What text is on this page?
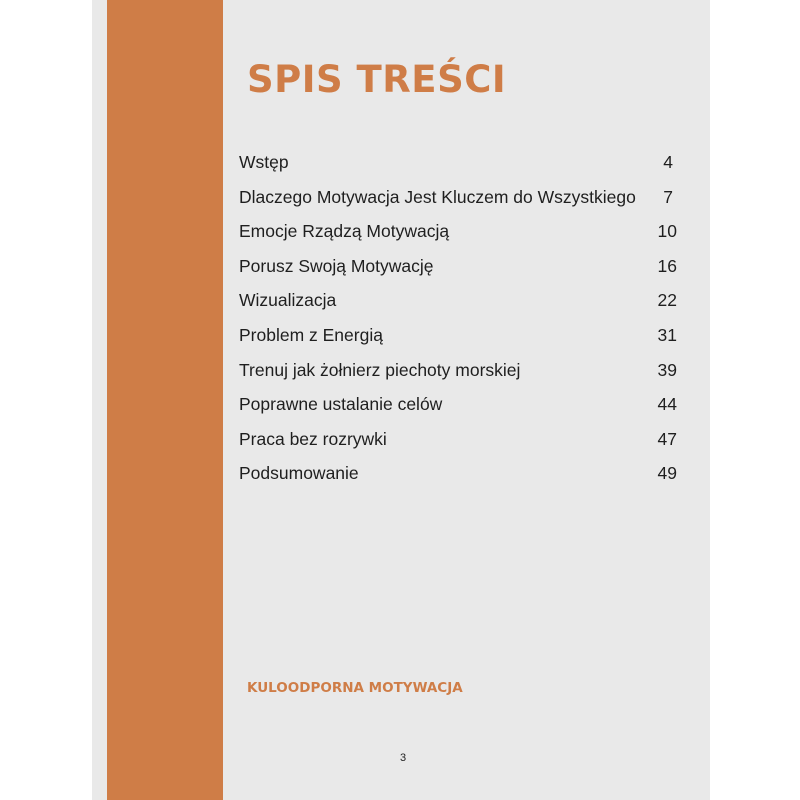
SPIS TREŚCI
Wstęp	4
Dlaczego Motywacja Jest Kluczem do Wszystkiego 7
Emocje Rządzą Motywacją	10
Porusz Swoją Motywację	16
Wizualizacja	22
Problem z Energią	31
Trenuj jak żołnierz piechoty morskiej	39
Poprawne ustalanie celów	44
Praca bez rozrywki	47
Podsumowanie	49
KULOODPORNA MOTYWACJA
3
